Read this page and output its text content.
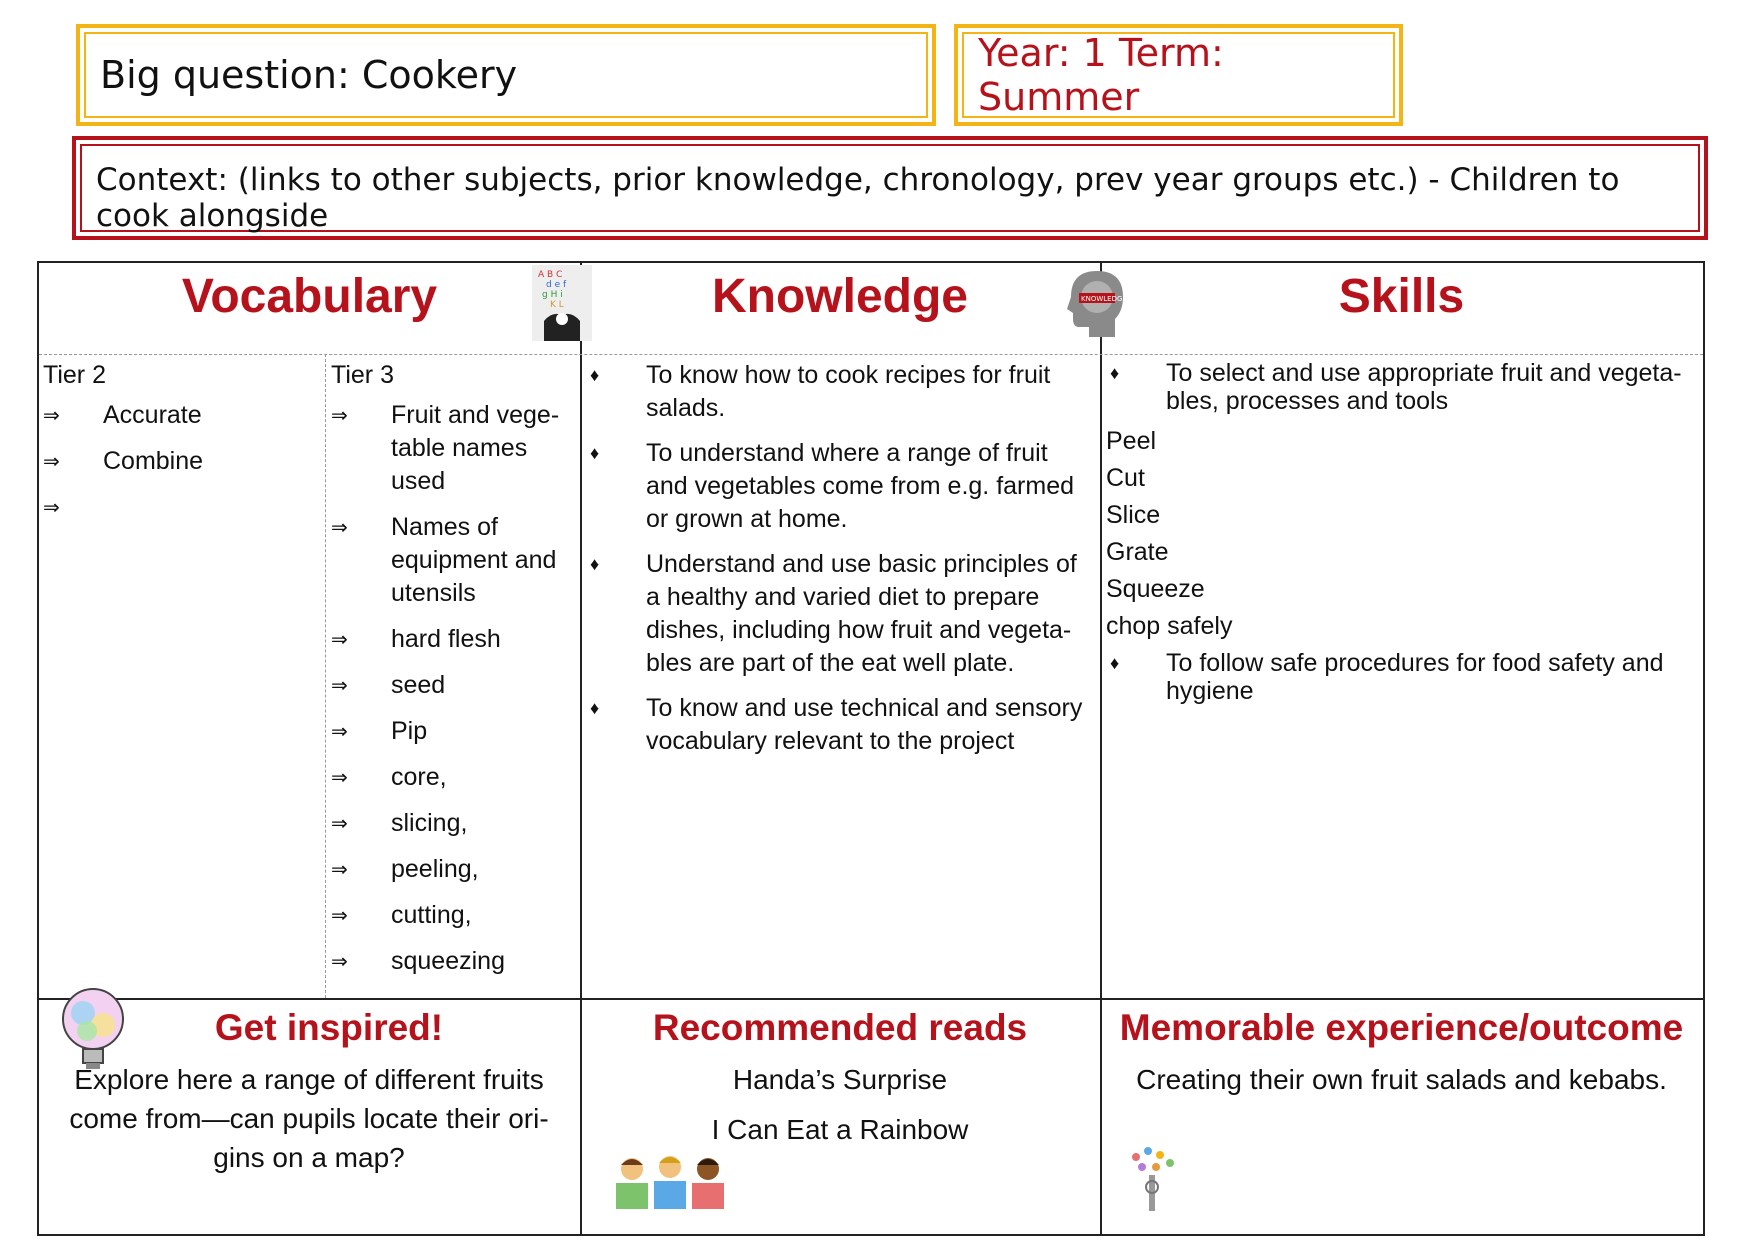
Big question: Cookery	Year: 1 Term: Summer
Context: (links to other subjects, prior knowledge, chronology, prev year groups etc.) - Children to cook alongside
Vocabulary	Knowledge	Skills
A B C
d e f
g H i
K L
KNOWLEDGE
Tier 2
⇒	Accurate
⇒	Combine
⇒
Tier 3
⇒	Fruit and vege-table names used
⇒	Names of equipment and utensils
⇒	hard flesh
⇒	seed
⇒	Pip
⇒	core,
⇒	slicing,
⇒	peeling,
⇒	cutting,
⇒	squeezing
♦	To know how to cook recipes for fruit salads.
♦	To understand where a range of fruit and vegetables come from e.g. farmed or grown at home.
♦	Understand and use basic principles of a healthy and varied diet to prepare dishes, including how fruit and vegeta-bles are part of the eat well plate.
♦	To know and use technical and sensory vocabulary relevant to the project
♦	To select and use appropriate fruit and vegeta-bles, processes and tools
Peel
Cut
Slice
Grate
Squeeze
chop safely
♦	To follow safe procedures for food safety and hygiene
Get inspired!
Explore here a range of different fruits come from—can pupils locate their ori-gins on a map?
Recommended reads
Handa’s Surprise
I Can Eat a Rainbow
Memorable experience/outcome
Creating their own fruit salads and kebabs.
